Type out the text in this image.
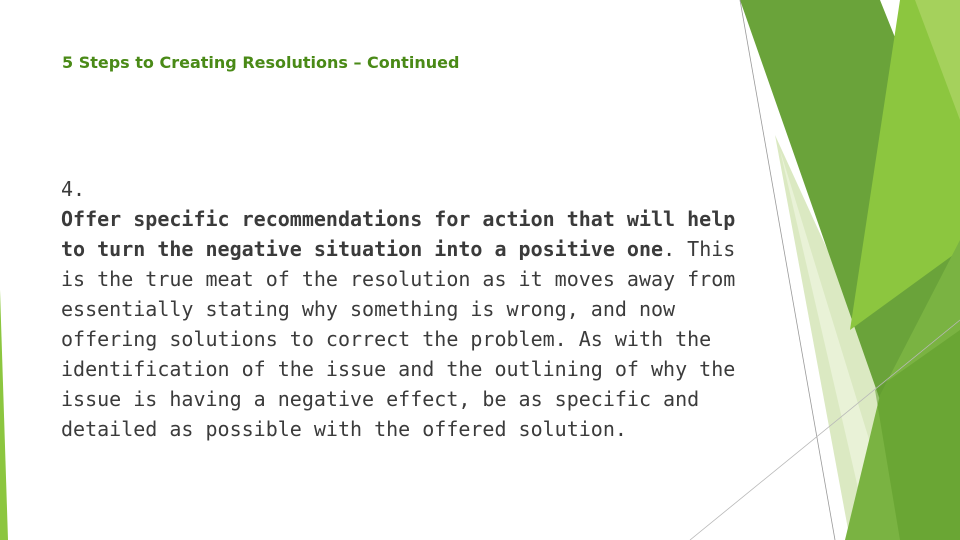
5 Steps to Creating Resolutions – Continued

4.

Offer specific recommendations for action that will help to turn the negative situation into a positive one. This is the true meat of the resolution as it moves away from essentially stating why something is wrong, and now offering solutions to correct the problem. As with the identification of the issue and the outlining of why the issue is having a negative effect, be as specific and detailed as possible with the offered solution.
